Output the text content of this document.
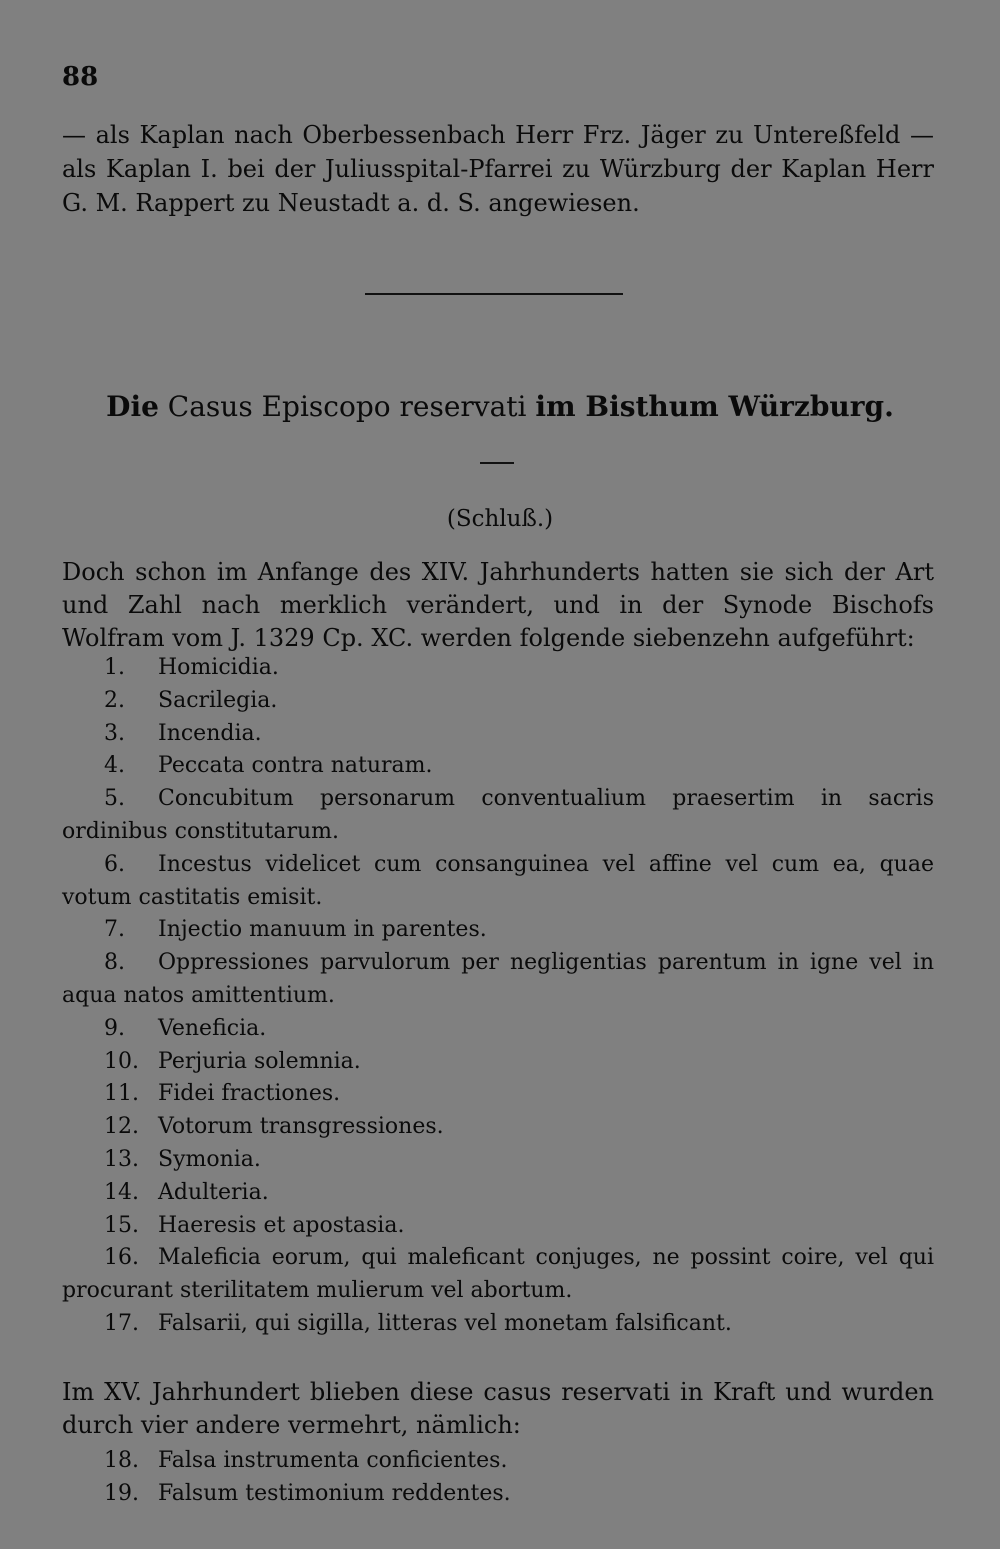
88
— als Kaplan nach Oberbessenbach Herr Frz. Jäger zu Untereßfeld — als Kaplan I. bei der Juliusspital-Pfarrei zu Würzburg der Kaplan Herr G. M. Rappert zu Neustadt a. d. S. angewiesen.
Die Casus Episcopo reservati im Bisthum Würzburg.
(Schluß.)
Doch schon im Anfange des XIV. Jahrhunderts hatten sie sich der Art und Zahl nach merklich verändert, und in der Synode Bischofs Wolfram vom J. 1329 Cp. XC. werden folgende siebenzehn aufgeführt:
1. Homicidia.
2. Sacrilegia.
3. Incendia.
4. Peccata contra naturam.
5. Concubitum personarum conventualium praesertim in sacris ordinibus constitutarum.
6. Incestus videlicet cum consanguinea vel affine vel cum ea, quae votum castitatis emisit.
7. Injectio manuum in parentes.
8. Oppressiones parvulorum per negligentias parentum in igne vel in aqua natos amittentium.
9. Veneficia.
10. Perjuria solemnia.
11. Fidei fractiones.
12. Votorum transgressiones.
13. Symonia.
14. Adulteria.
15. Haeresis et apostasia.
16. Maleficia eorum, qui maleficant conjuges, ne possint coire, vel qui procurant sterilitatem mulierum vel abortum.
17. Falsarii, qui sigilla, litteras vel monetam falsificant.
Im XV. Jahrhundert blieben diese casus reservati in Kraft und wurden durch vier andere vermehrt, nämlich:
18. Falsa instrumenta conficientes.
19. Falsum testimonium reddentes.
